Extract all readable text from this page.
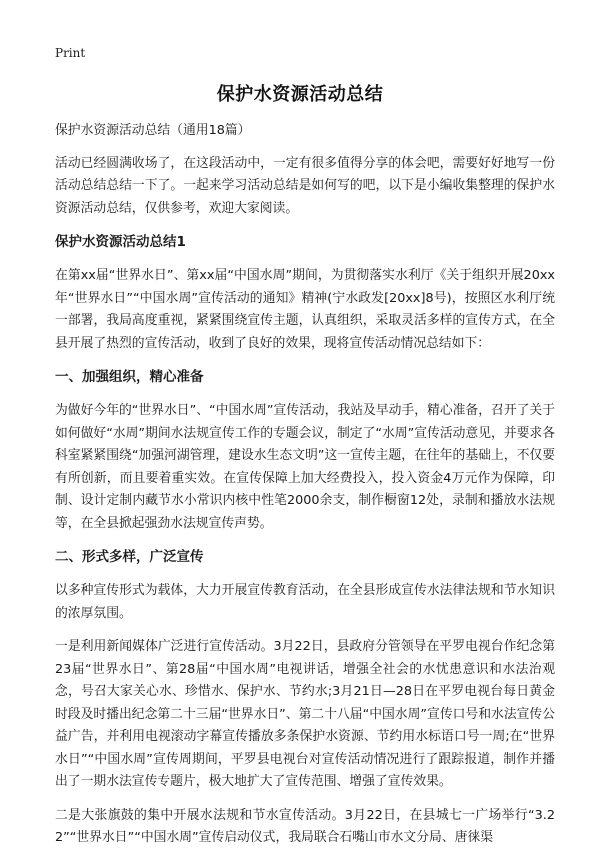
Print
保护水资源活动总结

保护水资源活动总结（通用18篇）

活动已经圆满收场了，在这段活动中，一定有很多值得分享的体会吧，需要好好地写一份活动总结总结一下了。一起来学习活动总结是如何写的吧，以下是小编收集整理的保护水资源活动总结，仅供参考，欢迎大家阅读。

保护水资源活动总结1

在第xx届“世界水日”、第xx届“中国水周”期间，为贯彻落实水利厅《关于组织开展20xx年“世界水日”“中国水周”宣传活动的通知》精神(宁水政发[20xx]8号)，按照区水利厅统一部署，我局高度重视，紧紧围绕宣传主题，认真组织，采取灵活多样的宣传方式，在全县开展了热烈的宣传活动，收到了良好的效果，现将宣传活动情况总结如下：

一、加强组织，精心准备

为做好今年的“世界水日”、“中国水周”宣传活动，我站及早动手，精心准备，召开了关于如何做好“水周”期间水法规宣传工作的专题会议，制定了“水周”宣传活动意见，并要求各科室紧紧围绕“加强河湖管理，建设水生态文明”这一宣传主题，在往年的基础上，不仅要有所创新，而且要着重实效。在宣传保障上加大经费投入，投入资金4万元作为保障，印制、设计定制内藏节水小常识内核中性笔2000余支，制作橱窗12处，录制和播放水法规等，在全县掀起强劲水法规宣传声势。

二、形式多样，广泛宣传

以多种宣传形式为载体，大力开展宣传教育活动，在全县形成宣传水法律法规和节水知识的浓厚氛围。

一是利用新闻媒体广泛进行宣传活动。3月22日，县政府分管领导在平罗电视台作纪念第23届“世界水日”、第28届“中国水周”电视讲话，增强全社会的水忧患意识和水法治观念，号召大家关心水、珍惜水、保护水、节约水;3月21日—28日在平罗电视台每日黄金时段及时播出纪念第二十三届“世界水日”、第二十八届“中国水周”宣传口号和水法宣传公益广告，并利用电视滚动字幕宣传播放多条保护水资源、节约用水标语口号一周;在“世界水日”“中国水周”宣传周期间，平罗县电视台对宣传活动情况进行了跟踪报道，制作并播出了一期水法宣传专题片，极大地扩大了宣传范围、增强了宣传效果。

二是大张旗鼓的集中开展水法规和节水宣传活动。3月22日，在县城七一广场举行“3.22”“世界水日”“中国水周”宣传启动仪式，我局联合石嘴山市水文分局、唐徕渠
